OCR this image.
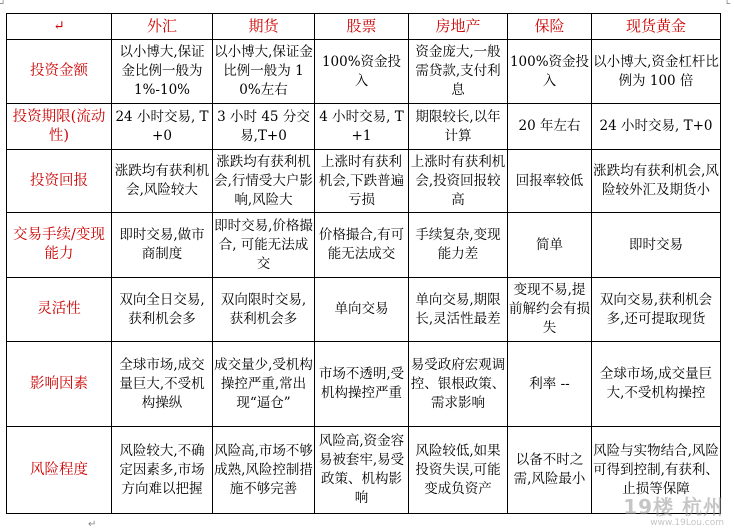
┘	└
↵	外汇	期货	股票	房地产	保险	现货黄金
投资金额	以小博大,保证金比例一般为 1%-10%	以小博大,保证金比例一般为 10%左右	100%资金投入	资金庞大,一般需贷款,支付利息	100%资金投入	以小博大,资金杠杆比例为 100 倍
投资期限(流动性)	24 小时交易, T+0	3 小时 45 分交易,T+0	4 小时交易, T+1	期限较长,以年计算	20 年左右	24 小时交易, T+0
投资回报	涨跌均有获利机会,风险较大	涨跌均有获利机会,行情受大户影响,风险大	上涨时有获利机会,下跌普遍亏损	上涨时有获利机会,投资回报较高	回报率较低	涨跌均有获利机会,风险较外汇及期货小
交易手续/变现能力	即时交易,做市商制度	即时交易,价格撮合, 可能无法成交	价格撮合,有可能无法成交	手续复杂,变现能力差	简单	即时交易
灵活性	双向全日交易,获利机会多	双向限时交易, 获利机会多	单向交易	单向交易,期限长,灵活性最差	变现不易,提前解约会有损失	双向交易,获利机会多,还可提取现货
影响因素	全球市场,成交量巨大,不受机构操纵	成交量少,受机构操控严重,常出现“逼仓”	市场不透明,受机构操控严重	易受政府宏观调控、银根政策、需求影响	利率 --	全球市场,成交量巨大,不受机构操控
风险程度	风险较大,不确定因素多,市场方向难以把握	风险高,市场不够成熟,风险控制措施不够完善	风险高,资金容易被套牢,易受政策、机构影响	风险较低,如果投资失误,可能变成负资产	以备不时之需,风险最小	风险与实物结合,风险可得到控制,有获利、止损等保障
↵
19楼 杭州
www.19Lou.com
